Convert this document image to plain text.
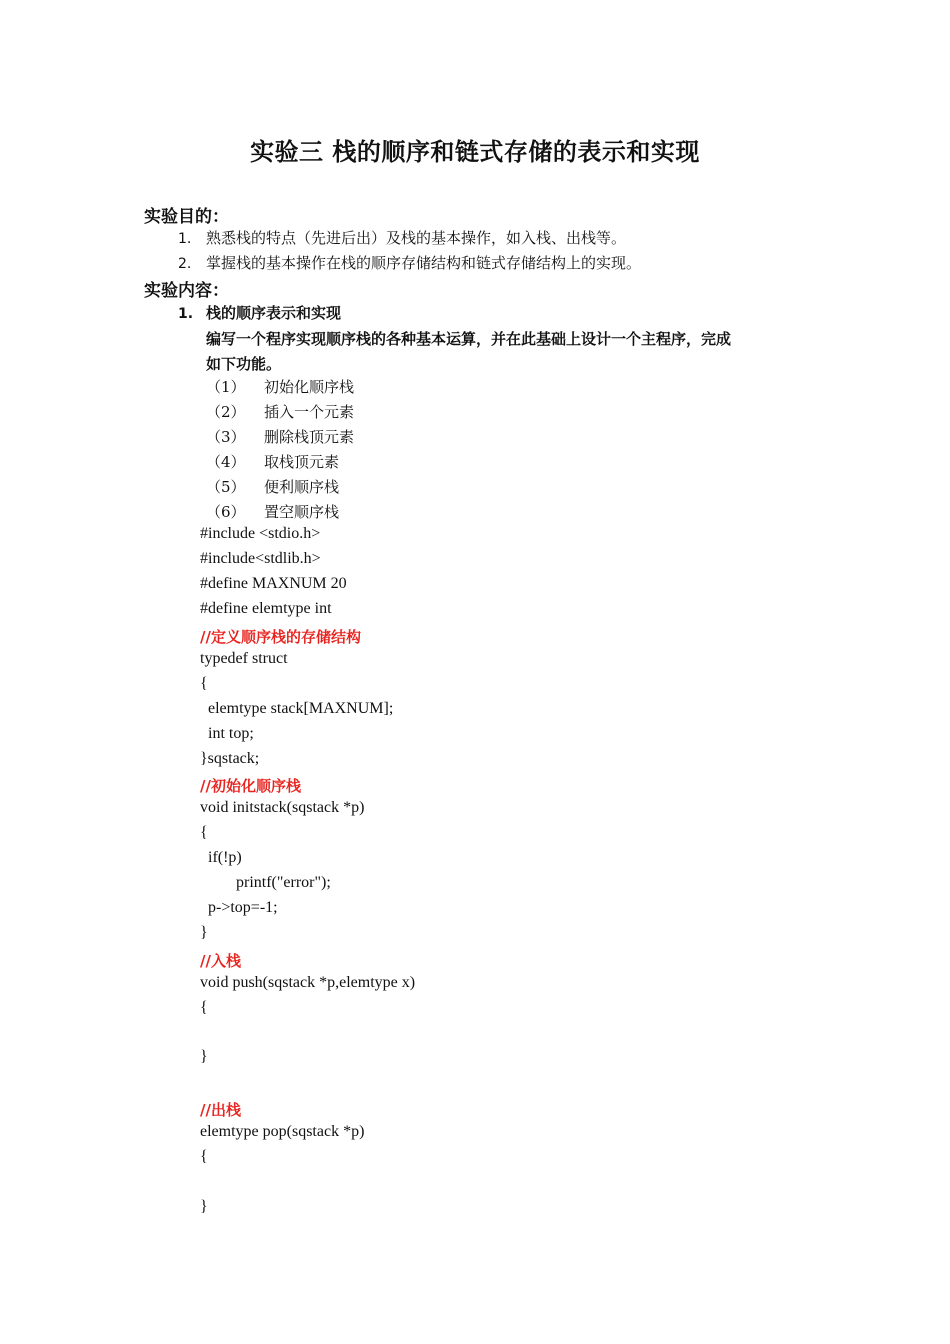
实验三 栈的顺序和链式存储的表示和实现
实验目的：
1. 熟悉栈的特点（先进后出）及栈的基本操作，如入栈、出栈等。
2. 掌握栈的基本操作在栈的顺序存储结构和链式存储结构上的实现。
实验内容：
1. 栈的顺序表示和实现
编写一个程序实现顺序栈的各种基本运算，并在此基础上设计一个主程序，完成
如下功能。
（1） 初始化顺序栈
（2） 插入一个元素
（3） 删除栈顶元素
（4） 取栈顶元素
（5） 便利顺序栈
（6） 置空顺序栈
#include <stdio.h>
#include<stdlib.h>
#define MAXNUM 20
#define elemtype int
//定义顺序栈的存储结构
typedef struct
{
elemtype stack[MAXNUM];
int top;
}sqstack;
//初始化顺序栈
void initstack(sqstack *p)
{
if(!p)
printf("error");
p->top=-1;
}
//入栈
void push(sqstack *p,elemtype x)
{
}
//出栈
elemtype pop(sqstack *p)
{
}
